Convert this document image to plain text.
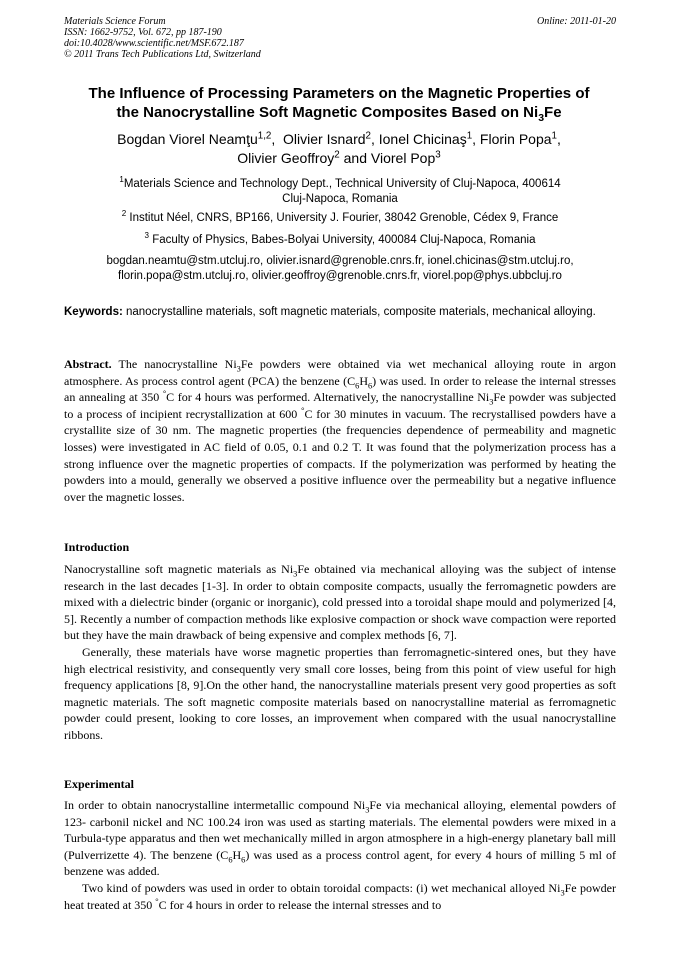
Materials Science Forum
ISSN: 1662-9752, Vol. 672, pp 187-190
doi:10.4028/www.scientific.net/MSF.672.187
© 2011 Trans Tech Publications Ltd, Switzerland
Online: 2011-01-20
The Influence of Processing Parameters on the Magnetic Properties of
the Nanocrystalline Soft Magnetic Composites Based on $Ni_3Fe$
Bogdan Viorel Neamţu$^{1,2}$,  Olivier Isnard$^2$, Ionel Chicinaş$^1$, Florin Popa$^1$,
Olivier Geoffroy$^2$ and Viorel Pop$^3$
$^1$Materials Science and Technology Dept., Technical University of Cluj-Napoca, 400614
Cluj-Napoca, Romania
$^2$ Institut Néel, CNRS, BP166, University J. Fourier, 38042 Grenoble, Cédex 9, France
$^3$ Faculty of Physics, Babes-Bolyai University, 400084 Cluj-Napoca, Romania
bogdan.neamtu@stm.utcluj.ro, olivier.isnard@grenoble.cnrs.fr, ionel.chicinas@stm.utcluj.ro,
florin.popa@stm.utcluj.ro, olivier.geoffroy@grenoble.cnrs.fr, viorel.pop@phys.ubbcluj.ro
Keywords: nanocrystalline materials, soft magnetic materials, composite materials, mechanical alloying.

Abstract. The nanocrystalline $Ni_3Fe$ powders were obtained via wet mechanical alloying route in argon atmosphere. As process control agent (PCA) the benzene $(C_6H_6)$ was used. In order to release the internal stresses an annealing at 350 °C for 4 hours was performed. Alternatively, the nanocrystalline $Ni_3Fe$ powder was subjected to a process of incipient recrystallization at 600 °C for 30 minutes in vacuum. The recrystallised powders have a crystallite size of 30 nm. The magnetic properties (the frequencies dependence of permeability and magnetic losses) were investigated in AC field of 0.05, 0.1 and 0.2 T. It was found that the polymerization process has a strong influence over the magnetic properties of compacts. If the polymerization was performed by heating the powders into a mould, generally we observed a positive influence over the permeability but a negative influence over the magnetic losses.

Introduction

Nanocrystalline soft magnetic materials as $Ni_3Fe$ obtained via mechanical alloying was the subject of intense research in the last decades [1-3]. In order to obtain composite compacts, usually the ferromagnetic powders are mixed with a dielectric binder (organic or inorganic), cold pressed into a toroidal shape mould and polymerized [4, 5]. Recently a number of compaction methods like explosive compaction or shock wave compaction were reported but they have the main drawback of being expensive and complex methods [6, 7].

Generally, these materials have worse magnetic properties than ferromagnetic-sintered ones, but they have high electrical resistivity, and consequently very small core losses, being from this point of view useful for high frequency applications [8, 9].On the other hand, the nanocrystalline materials present very good properties as soft magnetic materials. The soft magnetic composite materials based on nanocrystalline material as ferromagnetic powder could present, looking to core losses, an improvement when compared with the usual nanocrystalline ribbons.

Experimental

In order to obtain nanocrystalline intermetallic compound $Ni_3Fe$ via mechanical alloying, elemental powders of 123- carbonil nickel and NC 100.24 iron was used as starting materials. The elemental powders were mixed in a Turbula-type apparatus and then wet mechanically milled in argon atmosphere in a high-energy planetary ball mill (Pulverrizette 4). The benzene $(C_6H_6)$ was used as a process control agent, for every 4 hours of milling 5 ml of benzene was added.

Two kind of powders was used in order to obtain toroidal compacts: (i) wet mechanical alloyed $Ni_3Fe$ powder heat treated at 350 °C for 4 hours in order to release the internal stresses and to
